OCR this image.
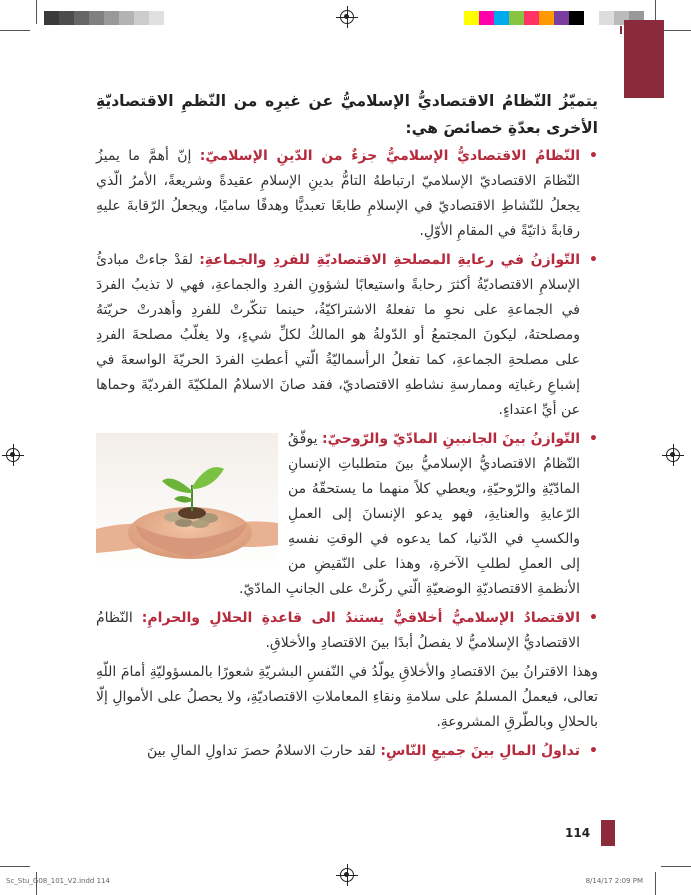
يتميّزُ النّظامُ الاقتصاديُّ الإسلاميُّ عن غيرِه من النّظمِ الاقتصاديّةِ الأخرى بعدّةِ خصائصَ هي:

•
النّظامُ الاقتصاديُّ الإسلاميُّ جزءٌ من الدّينِ الإسلاميّ: إنّ أهمَّ ما يميزُ النّظامَ الاقتصاديّ الإسلاميّ ارتباطهُ التامُّ بدينِ الإسلامِ عقيدةً وشريعةً، الأمرُ الّذي يجعلُ للنّشاطِ الاقتصاديّ في الإسلامِ طابعًا تعبديًّا وهدفًا ساميًا، ويجعلُ الرّقابةَ عليهِ رقابةً ذاتيّةً في المقامِ الأوّلِ.

•
التّوازنُ في رعايةِ المصلحةِ الاقتصاديّةِ للفردِ والجماعةِ: لقدْ جاءتْ مبادئُ الإسلامِ الاقتصاديّةُ أكثرَ رحابةً واستيعابًا لشؤونِ الفردِ والجماعةِ، فهي لا تذيبُ الفردَ في الجماعةِ على نحوِ ما تفعلهُ الاشتراكيّةُ، حينما تنكّرتْ للفردِ وأهدرتْ حريّتهُ ومصلحتهُ، ليكونَ المجتمعُ أو الدّولةُ هو المالكُ لكلِّ شيءٍ، ولا يغلّبُ مصلحةَ الفردِ على مصلحةِ الجماعةِ، كما تفعلُ الرأسماليّةُ الّتي أعطتِ الفردَ الحريّةَ الواسعةَ في إشباعِ رغباتِه وممارسةِ نشاطهِ الاقتصاديّ، فقد صانَ الاسلامُ الملكيّةَ الفرديّةَ وحماها عن أيِّ اعتداءٍ.

•
التّوازنُ بينَ الجانبينِ المادّيّ والرّوحيّ: يوفّقُ النّظامُ الاقتصاديُّ الإسلاميُّ بينَ متطلباتِ الإنسانِ المادّيّةِ والرّوحيّةِ، ويعطي كلاً منهما ما يستحقّهُ من الرّعايةِ والعنايةِ، فهو يدعو الإنسانَ إلى العملِ والكسبِ في الدّنيا، كما يدعوه في الوقتِ نفسهِ إلى العملِ لطلبِ الآخرةِ، وهذا على النّقيضِ من الأنظمةِ الاقتصاديّةِ الوضعيّةِ الّتي ركّزتْ على الجانبِ المادّيّ.

•
الاقتصادُ الإسلاميُّ أخلاقيٌّ يستندُ الى قاعدةِ الحلالِ والحرامِ: النّظامُ الاقتصاديُّ الإسلاميُّ لا يفصلُ أبدًا بينَ الاقتصادِ والأخلاقِ.

وهذا الاقترانُ بينَ الاقتصادِ والأخلاقِ يولّدُ في النّفسِ البشريّةِ شعورًا بالمسؤوليّةِ أمامَ اللّهِ تعالى، فيعملُ المسلمُ على سلامةِ ونقاءِ المعاملاتِ الاقتصاديّةِ، ولا يحصلُ على الأموالِ إلّا بالحلالِ وبالطّرقِ المشروعةِ.

•
تداولُ المالِ بينَ جميعِ النّاسِ: لقد حاربَ الاسلامُ حصرَ تداولِ المالِ بينَ

114
Sc_Stu_G08_101_V2.indd 114	8/14/17 2:09 PM
